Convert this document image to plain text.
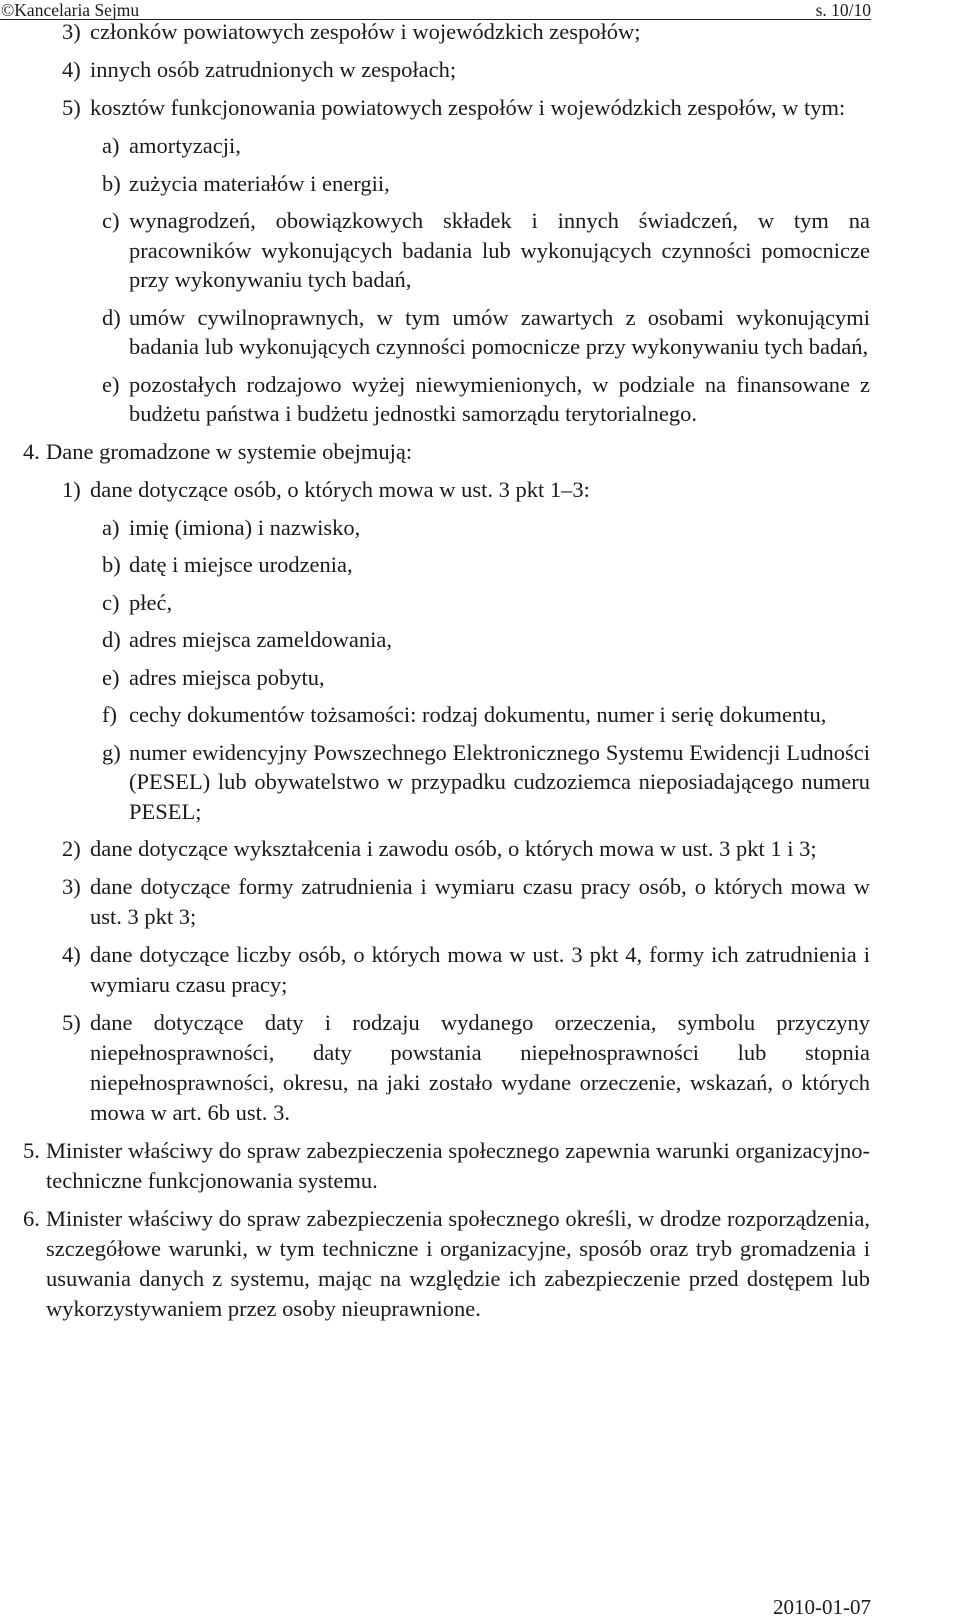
©Kancelaria Sejmu	s. 10/10
3) członków powiatowych zespołów i wojewódzkich zespołów;
4) innych osób zatrudnionych w zespołach;
5) kosztów funkcjonowania powiatowych zespołów i wojewódzkich zespołów, w tym:
a) amortyzacji,
b) zużycia materiałów i energii,
c) wynagrodzeń, obowiązkowych składek i innych świadczeń, w tym na pracowników wykonujących badania lub wykonujących czynności pomocnicze przy wykonywaniu tych badań,
d) umów cywilnoprawnych, w tym umów zawartych z osobami wykonującymi badania lub wykonujących czynności pomocnicze przy wykonywaniu tych badań,
e) pozostałych rodzajowo wyżej niewymienionych, w podziale na finansowane z budżetu państwa i budżetu jednostki samorządu terytorialnego.
4. Dane gromadzone w systemie obejmują:
1) dane dotyczące osób, o których mowa w ust. 3 pkt 1–3:
a) imię (imiona) i nazwisko,
b) datę i miejsce urodzenia,
c) płeć,
d) adres miejsca zameldowania,
e) adres miejsca pobytu,
f) cechy dokumentów tożsamości: rodzaj dokumentu, numer i serię dokumentu,
g) numer ewidencyjny Powszechnego Elektronicznego Systemu Ewidencji Ludności (PESEL) lub obywatelstwo w przypadku cudzoziemca nieposiadającego numeru PESEL;
2) dane dotyczące wykształcenia i zawodu osób, o których mowa w ust. 3 pkt 1 i 3;
3) dane dotyczące formy zatrudnienia i wymiaru czasu pracy osób, o których mowa w ust. 3 pkt 3;
4) dane dotyczące liczby osób, o których mowa w ust. 3 pkt 4, formy ich zatrudnienia i wymiaru czasu pracy;
5) dane dotyczące daty i rodzaju wydanego orzeczenia, symbolu przyczyny niepełnosprawności, daty powstania niepełnosprawności lub stopnia niepełnosprawności, okresu, na jaki zostało wydane orzeczenie, wskazań, o których mowa w art. 6b ust. 3.
5. Minister właściwy do spraw zabezpieczenia społecznego zapewnia warunki organizacyjno-techniczne funkcjonowania systemu.
6. Minister właściwy do spraw zabezpieczenia społecznego określi, w drodze rozporządzenia, szczegółowe warunki, w tym techniczne i organizacyjne, sposób oraz tryb gromadzenia i usuwania danych z systemu, mając na względzie ich zabezpieczenie przed dostępem lub wykorzystywaniem przez osoby nieuprawnione.
2010-01-07
